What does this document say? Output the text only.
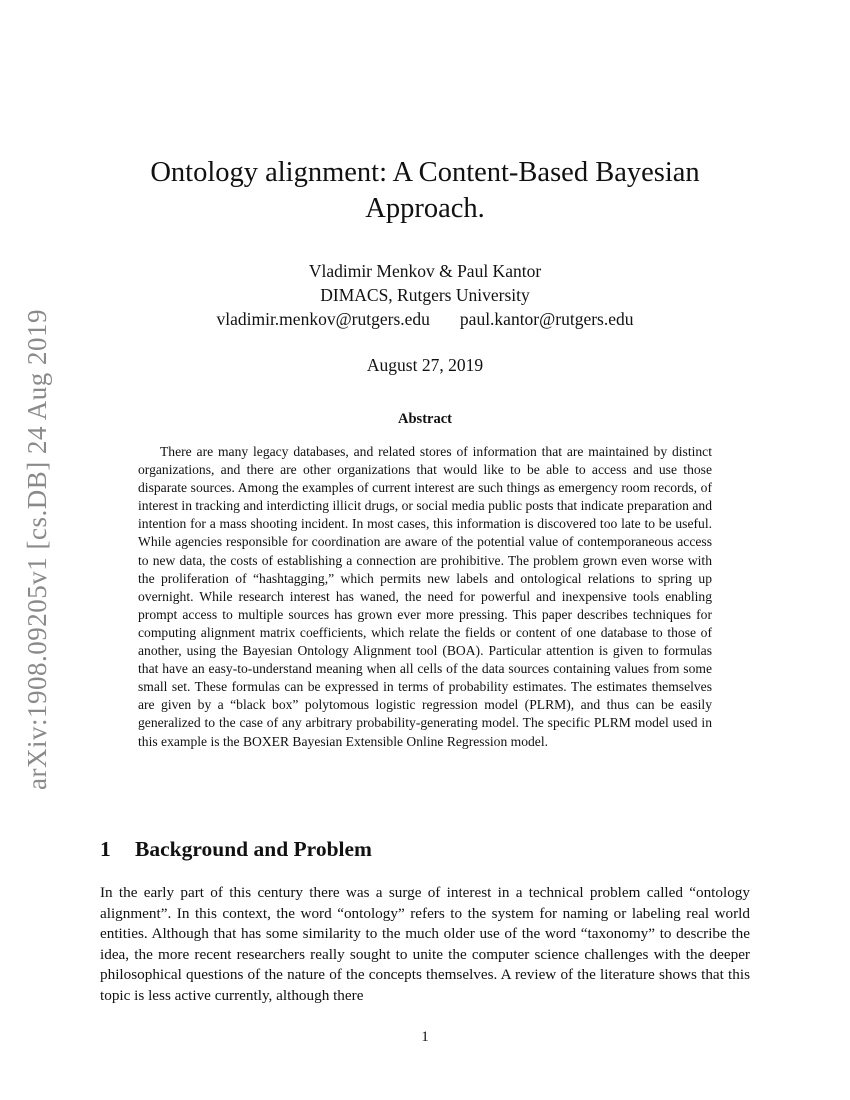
arXiv:1908.09205v1 [cs.DB] 24 Aug 2019
Ontology alignment: A Content-Based Bayesian Approach.
Vladimir Menkov & Paul Kantor
DIMACS, Rutgers University
vladimir.menkov@rutgers.edu paul.kantor@rutgers.edu
August 27, 2019
Abstract

There are many legacy databases, and related stores of information that are maintained by distinct organizations, and there are other organizations that would like to be able to access and use those disparate sources. Among the examples of current interest are such things as emergency room records, of interest in tracking and interdicting illicit drugs, or social media public posts that indicate preparation and intention for a mass shooting incident. In most cases, this information is discovered too late to be useful. While agencies responsible for coordination are aware of the potential value of contemporaneous access to new data, the costs of establishing a connection are prohibitive. The problem grown even worse with the proliferation of “hashtagging,” which permits new labels and ontological relations to spring up overnight. While research interest has waned, the need for powerful and inexpensive tools enabling prompt access to multiple sources has grown ever more pressing. This paper describes techniques for computing alignment matrix coefficients, which relate the fields or content of one database to those of another, using the Bayesian Ontology Alignment tool (BOA). Particular attention is given to formulas that have an easy-to-understand meaning when all cells of the data sources containing values from some small set. These formulas can be expressed in terms of probability estimates. The estimates themselves are given by a “black box” polytomous logistic regression model (PLRM), and thus can be easily generalized to the case of any arbitrary probability-generating model. The specific PLRM model used in this example is the BOXER Bayesian Extensible Online Regression model.

1 Background and Problem

In the early part of this century there was a surge of interest in a technical problem called “ontology alignment”. In this context, the word “ontology” refers to the system for naming or labeling real world entities. Although that has some similarity to the much older use of the word “taxonomy” to describe the idea, the more recent researchers really sought to unite the computer science challenges with the deeper philosophical questions of the nature of the concepts themselves. A review of the literature shows that this topic is less active currently, although there

1
